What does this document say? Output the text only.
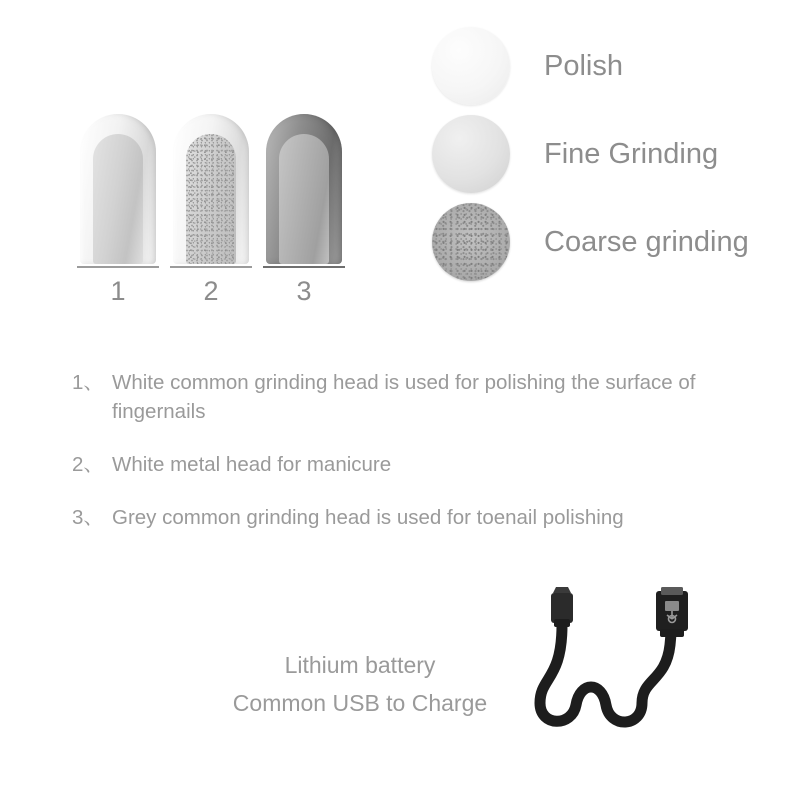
1	2	3
Polish
Fine Grinding
Coarse grinding
1、 White common grinding head is used for polishing the surface of fingernails
2、 White metal head for manicure
3、 Grey common grinding head is used for toenail polishing
Lithium battery
Common USB to Charge
